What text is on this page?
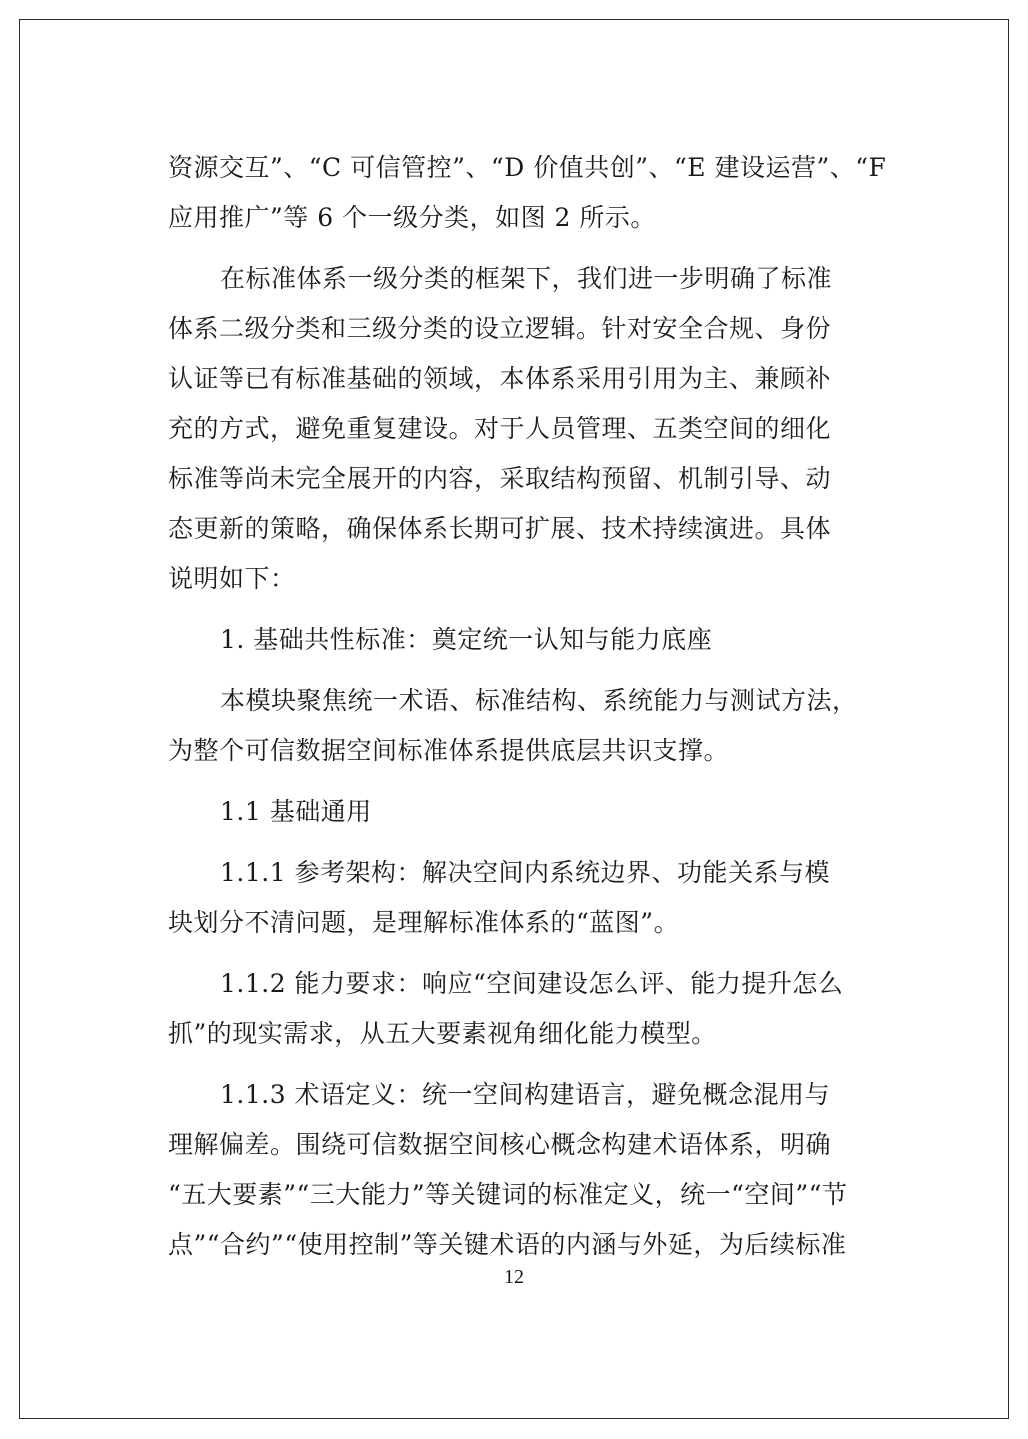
资源交互”、“C 可信管控”、“D 价值共创”、“E 建设运营”、“F
应用推广”等 6 个一级分类，如图 2 所示。
在标准体系一级分类的框架下，我们进一步明确了标准
体系二级分类和三级分类的设立逻辑。针对安全合规、身份
认证等已有标准基础的领域，本体系采用引用为主、兼顾补
充的方式，避免重复建设。对于人员管理、五类空间的细化
标准等尚未完全展开的内容，采取结构预留、机制引导、动
态更新的策略，确保体系长期可扩展、技术持续演进。具体
说明如下：
1. 基础共性标准：奠定统一认知与能力底座
本模块聚焦统一术语、标准结构、系统能力与测试方法，
为整个可信数据空间标准体系提供底层共识支撑。
1.1 基础通用
1.1.1 参考架构：解决空间内系统边界、功能关系与模
块划分不清问题，是理解标准体系的“蓝图”。
1.1.2 能力要求：响应“空间建设怎么评、能力提升怎么
抓”的现实需求，从五大要素视角细化能力模型。
1.1.3 术语定义：统一空间构建语言，避免概念混用与
理解偏差。围绕可信数据空间核心概念构建术语体系，明确
“五大要素”“三大能力”等关键词的标准定义，统一“空间”“节
点”“合约”“使用控制”等关键术语的内涵与外延，为后续标准
12
